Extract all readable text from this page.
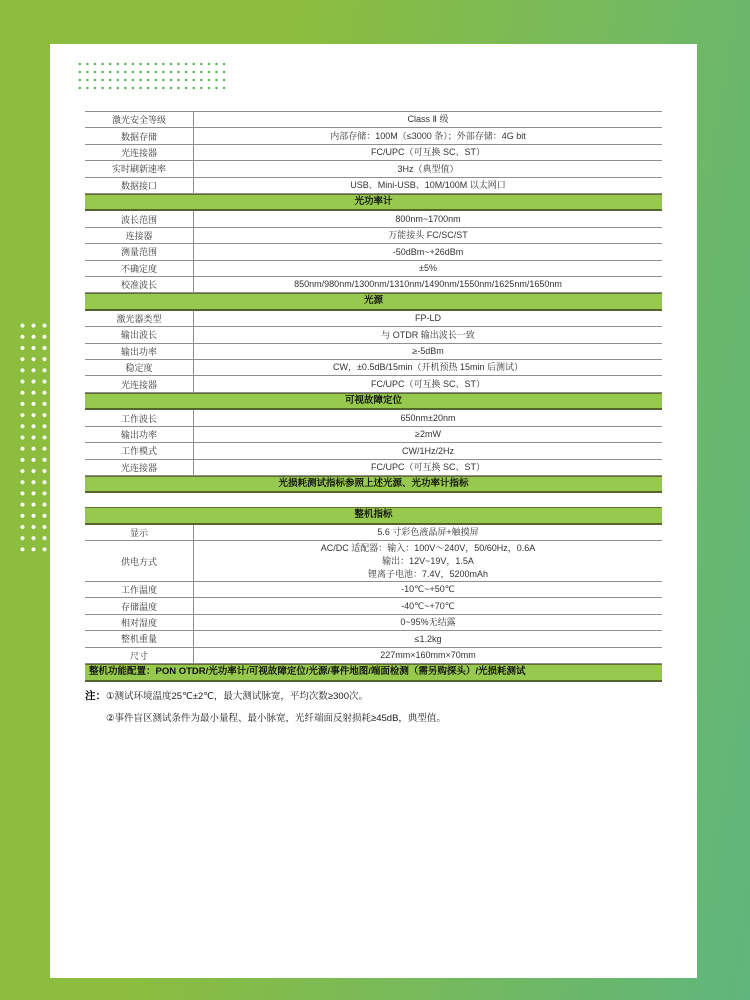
激光安全等级	Class Ⅱ 级
数据存储	内部存储：100M（≤3000 条）；外部存储：4G bit
光连接器	FC/UPC（可互换 SC、ST）
实时刷新速率	3Hz（典型值）
数据接口	USB、Mini-USB、10M/100M 以太网口
光功率计
波长范围	800nm~1700nm
连接器	万能接头 FC/SC/ST
测量范围	-50dBm~+26dBm
不确定度	±5%
校准波长	850nm/980nm/1300nm/1310nm/1490nm/1550nm/1625nm/1650nm
光源
激光器类型	FP-LD
输出波长	与 OTDR 输出波长一致
输出功率	≥-5dBm
稳定度	CW，±0.5dB/15min（开机预热 15min 后测试）
光连接器	FC/UPC（可互换 SC、ST）
可视故障定位
工作波长	650nm±20nm
输出功率	≥2mW
工作模式	CW/1Hz/2Hz
光连接器	FC/UPC（可互换 SC、ST）
光损耗测试指标参照上述光源、光功率计指标
整机指标
显示	5.6 寸彩色液晶屏+触摸屏
供电方式
AC/DC 适配器：输入：100V～240V，50/60Hz，0.6A
输出：12V~19V，1.5A
锂离子电池：7.4V，5200mAh
工作温度	-10℃~+50℃
存储温度	-40℃~+70℃
相对湿度	0~95%无结露
整机重量	≤1.2kg
尺寸	227mm×160mm×70mm
整机功能配置：PON OTDR/光功率计/可视故障定位/光源/事件地图/端面检测（需另购探头）/光损耗测试
注： ①测试环境温度25℃±2℃，最大测试脉宽，平均次数≥300次。
②事件盲区测试条件为最小量程、最小脉宽，光纤端面反射损耗≥45dB，典型值。
